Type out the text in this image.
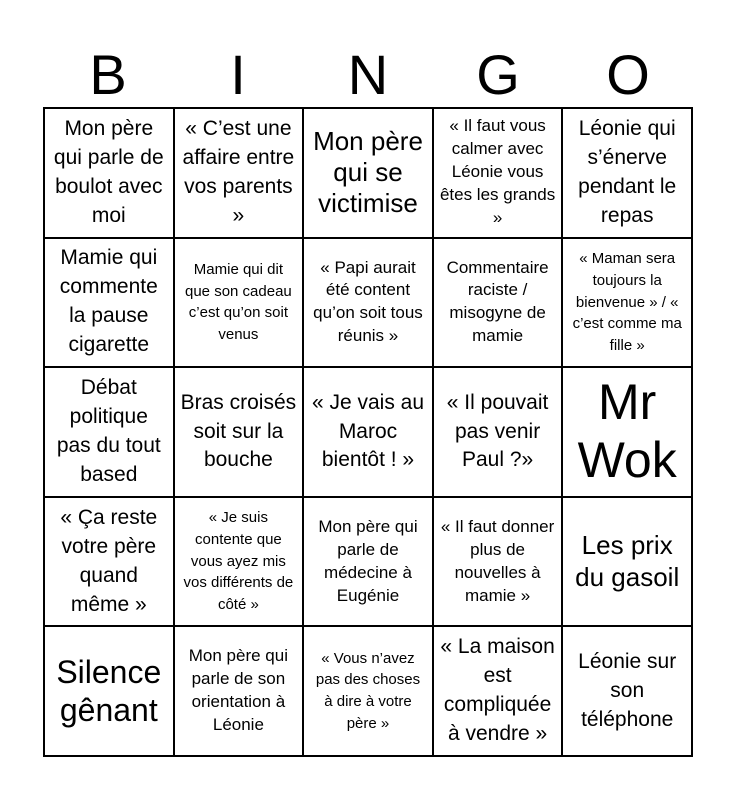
B	I	N	G	O
Mon père qui parle de boulot avec moi
« C’est une affaire entre vos parents »
Mon père qui se victimise
« Il faut vous calmer avec Léonie vous êtes les grands »
Léonie qui s’énerve pendant le repas
Mamie qui commente la pause cigarette
Mamie qui dit que son cadeau c’est qu’on soit venus
« Papi aurait été content qu’on soit tous réunis »
Commentaire raciste / misogyne de mamie
« Maman sera toujours la bienvenue » / « c’est comme ma fille »
Débat politique pas du tout based
Bras croisés soit sur la bouche
« Je vais au Maroc bientôt ! »
« Il pouvait pas venir Paul ?»
Mr Wok
« Ça reste votre père quand même »
« Je suis contente que vous ayez mis vos différents de côté »
Mon père qui parle de médecine à Eugénie
« Il faut donner plus de nouvelles à mamie »
Les prix du gasoil
Silence gênant
Mon père qui parle de son orientation à Léonie
« Vous n’avez pas des choses à dire à votre père »
« La maison est compliquée à vendre »
Léonie sur son téléphone
